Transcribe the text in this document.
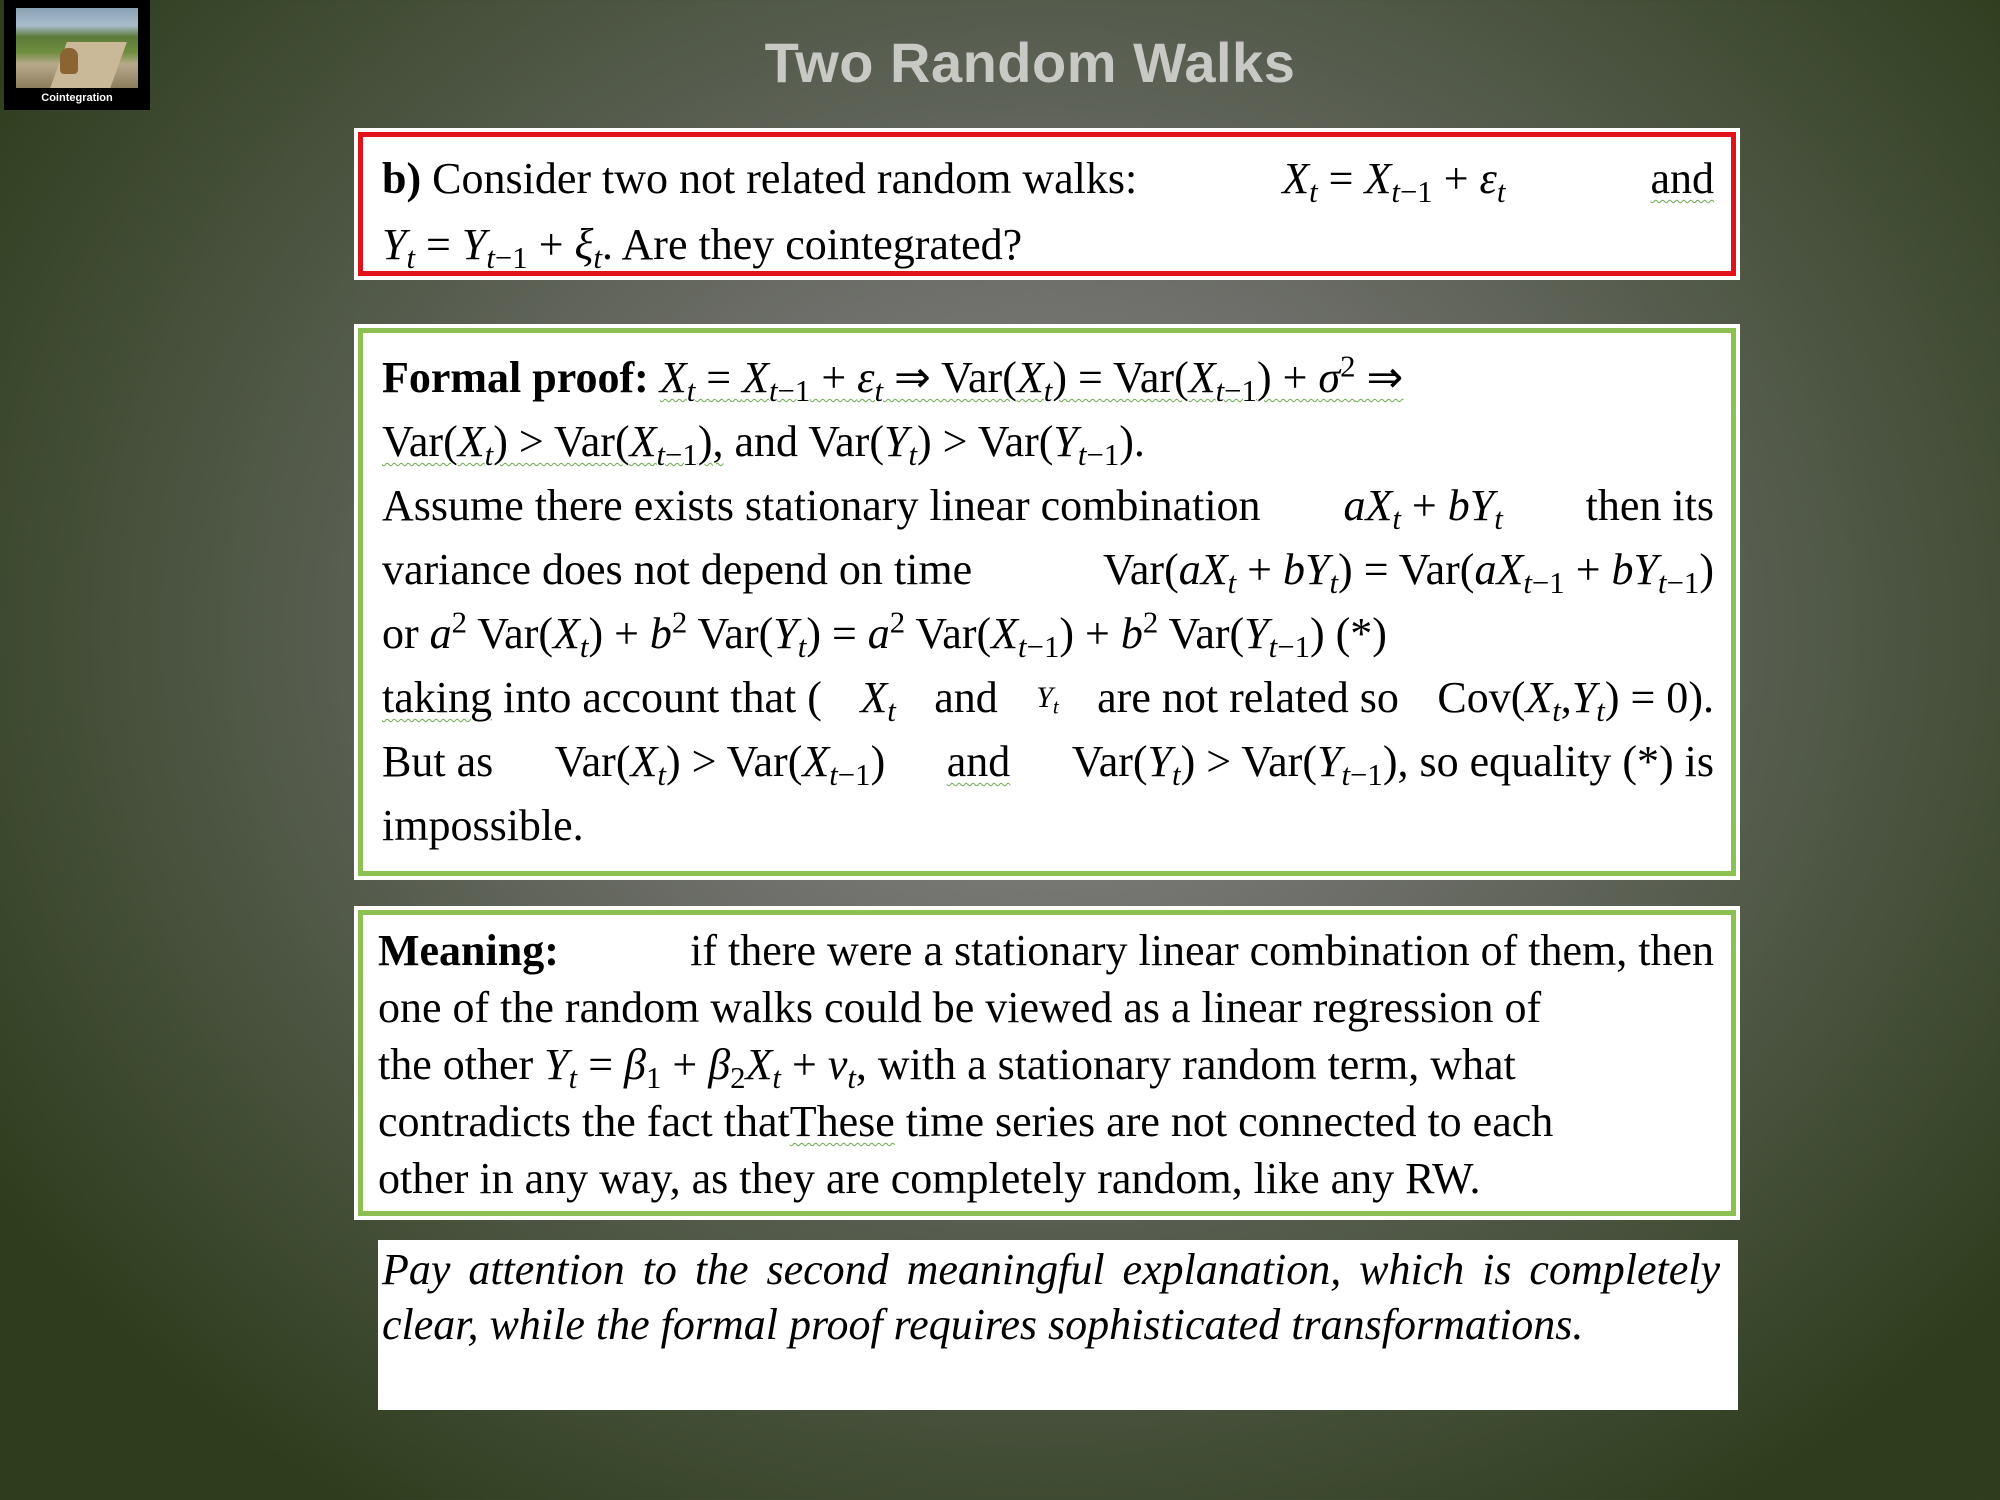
Cointegration
Two Random Walks
b) Consider two not related random walks:	$X_t = X_{t-1} + \varepsilon_t$	and
$Y_t = Y_{t-1} + \xi_t$. Are they cointegrated?
Formal proof: $X_t = X_{t-1} + \varepsilon_t$ ⇒ $Var(X_t) = Var(X_{t-1}) + \sigma^2$ ⇒
$Var(X_t) > Var(X_{t-1})$, and $Var(Y_t) > Var(Y_{t-1})$.
Assume there exists stationary linear combination $aX_t + bY_t$ then its
variance does not depend on time	$Var(aX_t + bY_t) = Var(aX_{t-1} + bY_{t-1})$
or $a^2$ $Var(X_t) + b^2$ $Var(Y_t) = a^2$ $Var(X_{t-1}) + b^2$ $Var(Y_{t-1})$ (*)
taking into account that ( $X_t$ and $Y_t$ are not related so $Cov(X_t,Y_t) = 0$).
But as $Var(X_t) > Var(X_{t-1})$ and $Var(Y_t) > Var(Y_{t-1})$, so equality (*) is
impossible.
Meaning:	if there were a stationary linear combination of them, then
one of the random walks could be viewed as a linear regression of
the other $Y_t = \beta_1 + \beta_2X_t + v_t$, with a stationary random term, what
contradicts the fact thatThese time series are not connected to each
other in any way, as they are completely random, like any RW.
Pay attention to the second meaningful explanation, which is completely clear, while the formal proof requires sophisticated transformations.
